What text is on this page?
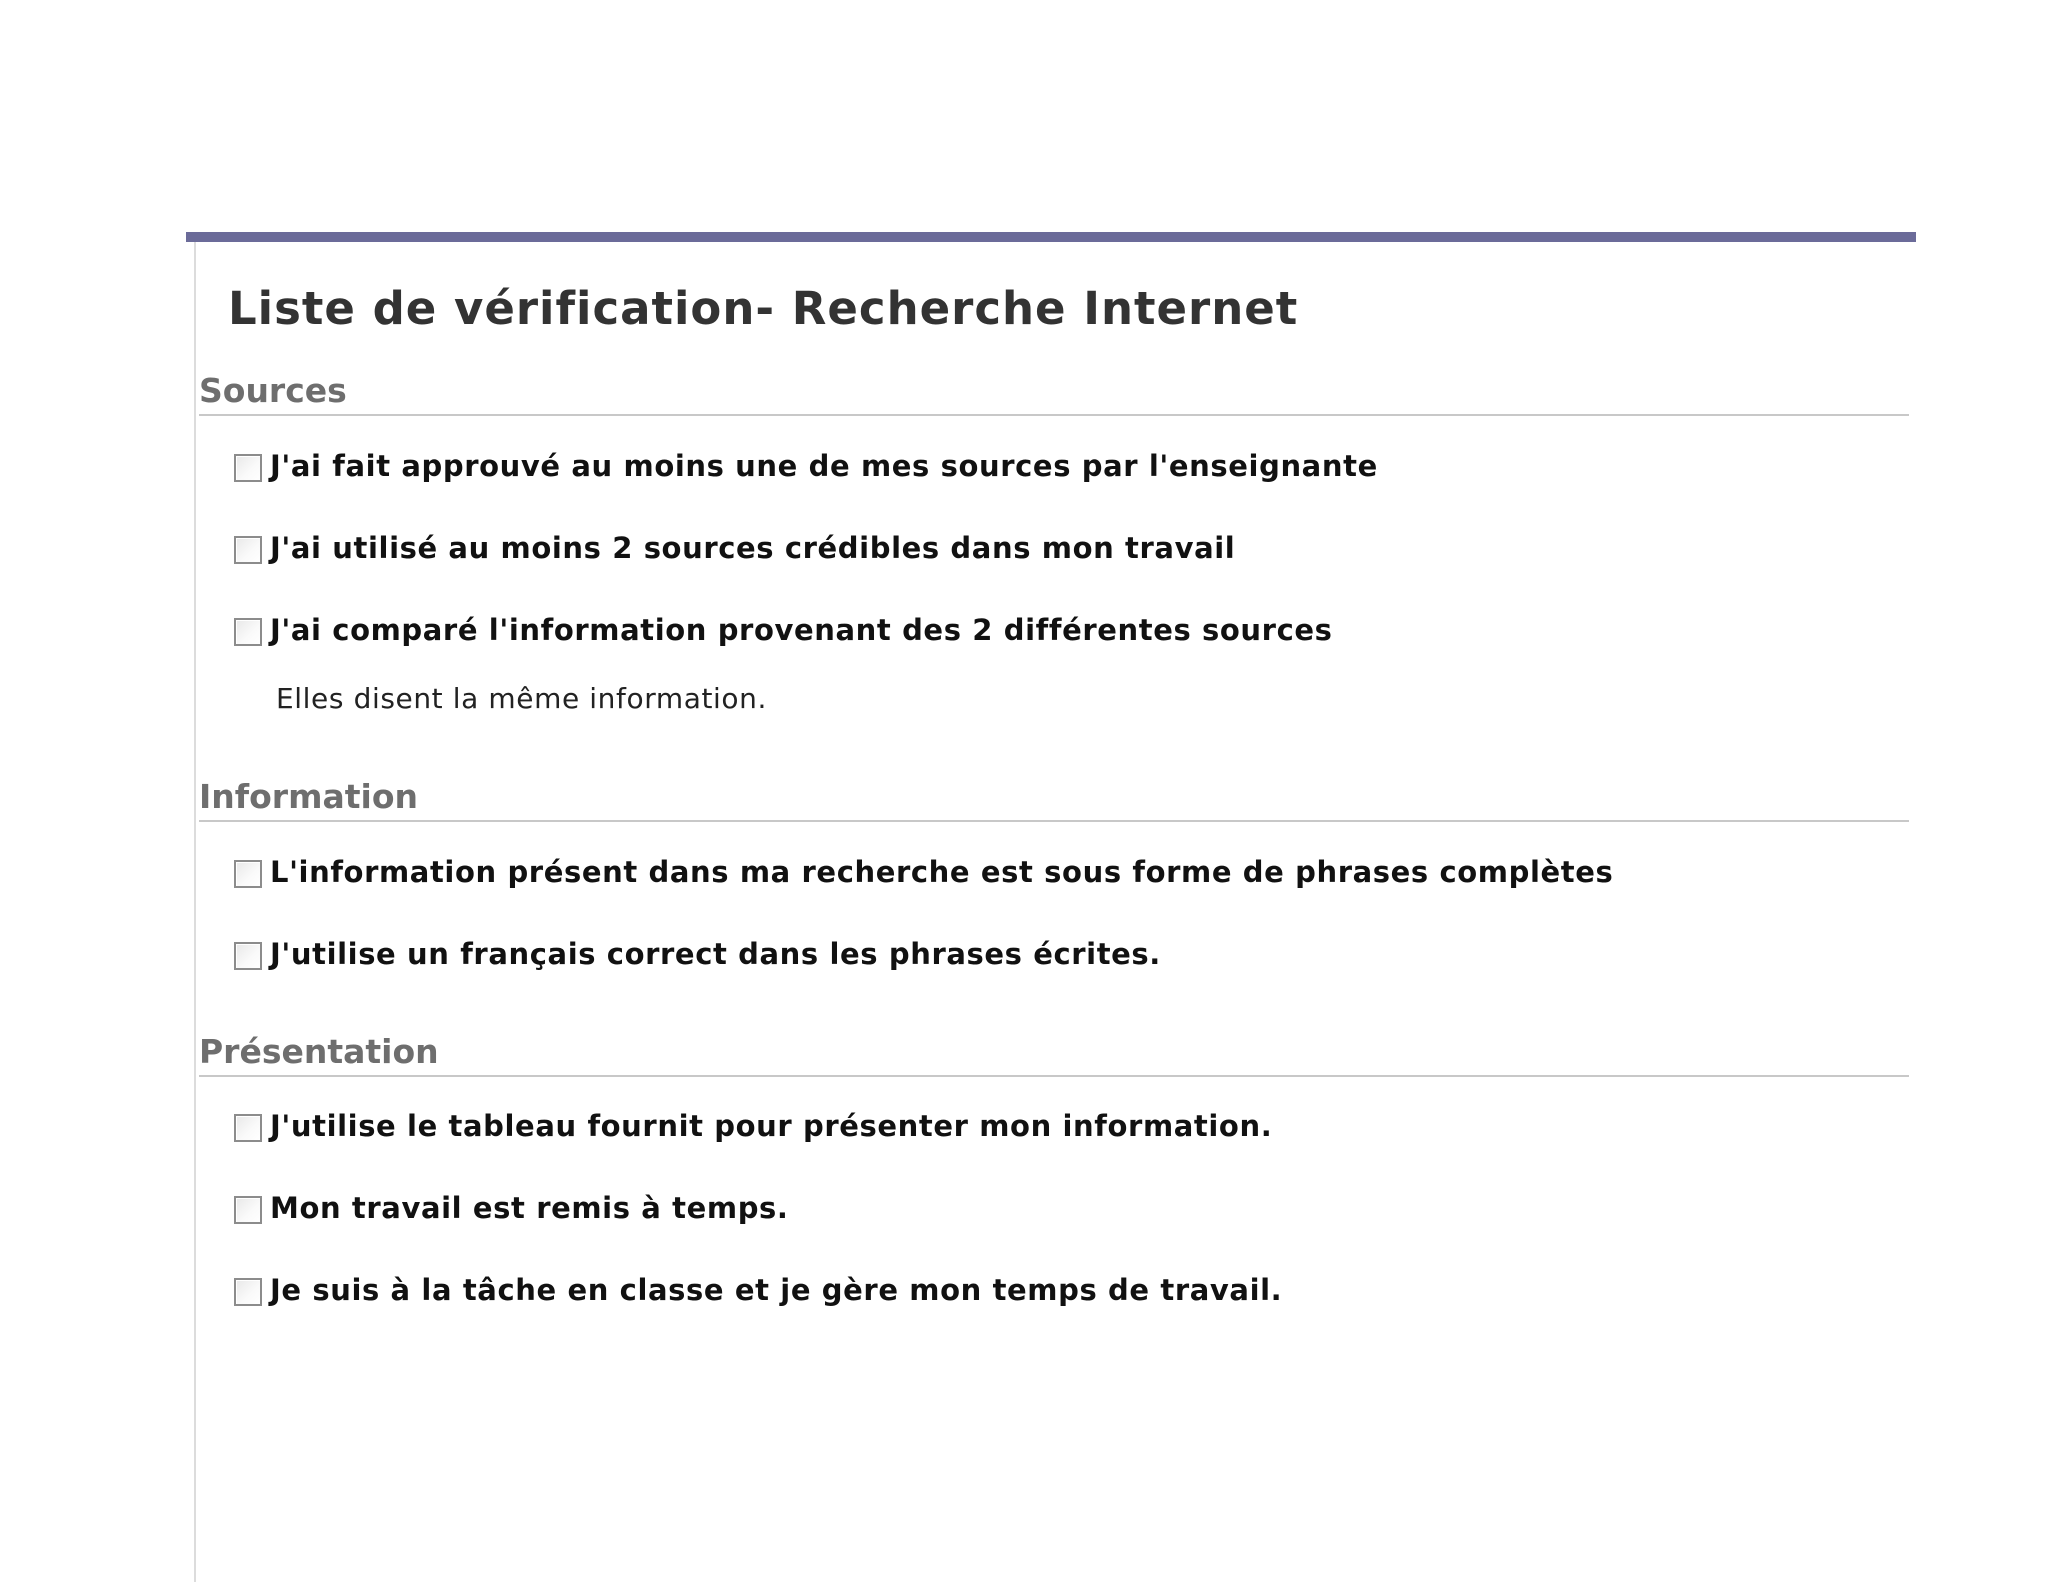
Liste de vérification- Recherche Internet
Sources
J'ai fait approuvé au moins une de mes sources par l'enseignante
J'ai utilisé au moins 2 sources crédibles dans mon travail
J'ai comparé l'information provenant des 2 différentes sources
Elles disent la même information.
Information
L'information présent dans ma recherche est sous forme de phrases complètes
J'utilise un français correct dans les phrases écrites.
Présentation
J'utilise le tableau fournit pour présenter mon information.
Mon travail est remis à temps.
Je suis à la tâche en classe et je gère mon temps de travail.
